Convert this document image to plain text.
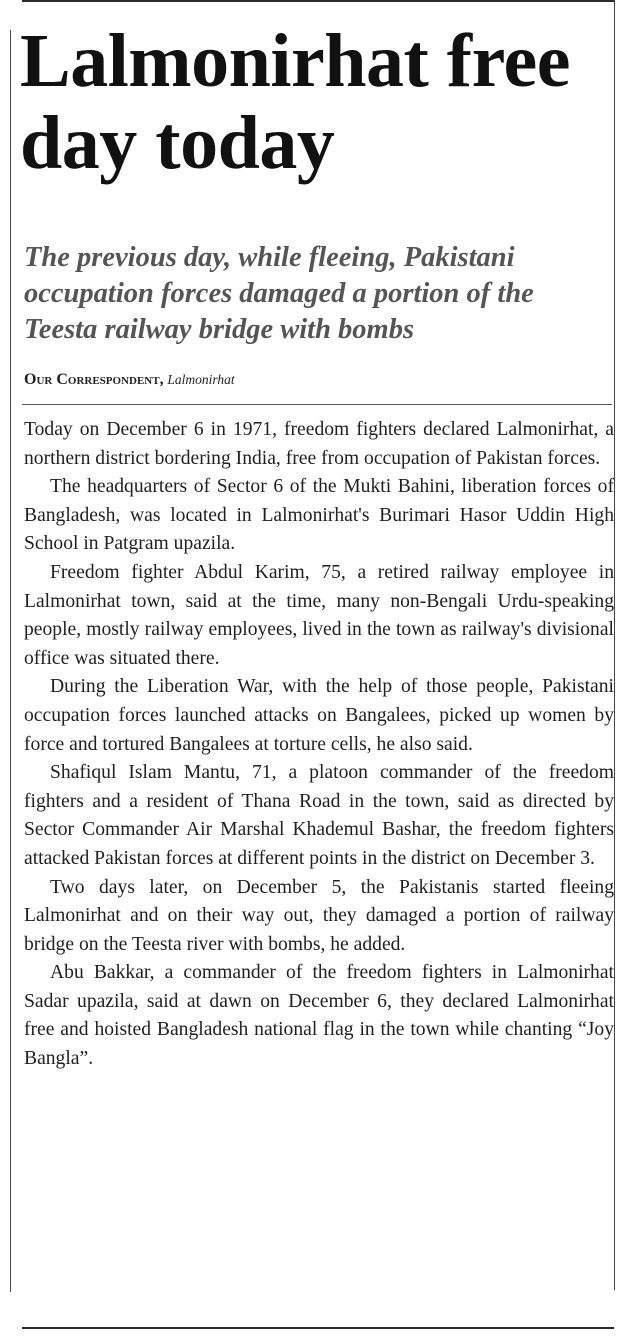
Lalmonirhat free day today
The previous day, while fleeing, Pakistani occupation forces damaged a portion of the Teesta railway bridge with bombs
Our Correspondent, Lalmonirhat

Today on December 6 in 1971, freedom fighters declared Lalmonirhat, a northern district bordering India, free from occupation of Pakistan forces.

The headquarters of Sector 6 of the Mukti Bahini, liberation forces of Bangladesh, was located in Lalmonirhat's Burimari Hasor Uddin High School in Patgram upazila.

Freedom fighter Abdul Karim, 75, a retired railway employee in Lalmonirhat town, said at the time, many non-Bengali Urdu-speaking people, mostly railway employees, lived in the town as railway's divisional office was situated there.

During the Liberation War, with the help of those people, Pakistani occupation forces launched attacks on Bangalees, picked up women by force and tortured Bangalees at torture cells, he also said.

Shafiqul Islam Mantu, 71, a platoon commander of the freedom fighters and a resident of Thana Road in the town, said as directed by Sector Commander Air Marshal Khademul Bashar, the freedom fighters attacked Pakistan forces at different points in the district on December 3.

Two days later, on December 5, the Pakistanis started fleeing Lalmonirhat and on their way out, they damaged a portion of railway bridge on the Teesta river with bombs, he added.

Abu Bakkar, a commander of the freedom fighters in Lalmonirhat Sadar upazila, said at dawn on December 6, they declared Lalmonirhat free and hoisted Bangladesh national flag in the town while chanting “Joy Bangla”.
